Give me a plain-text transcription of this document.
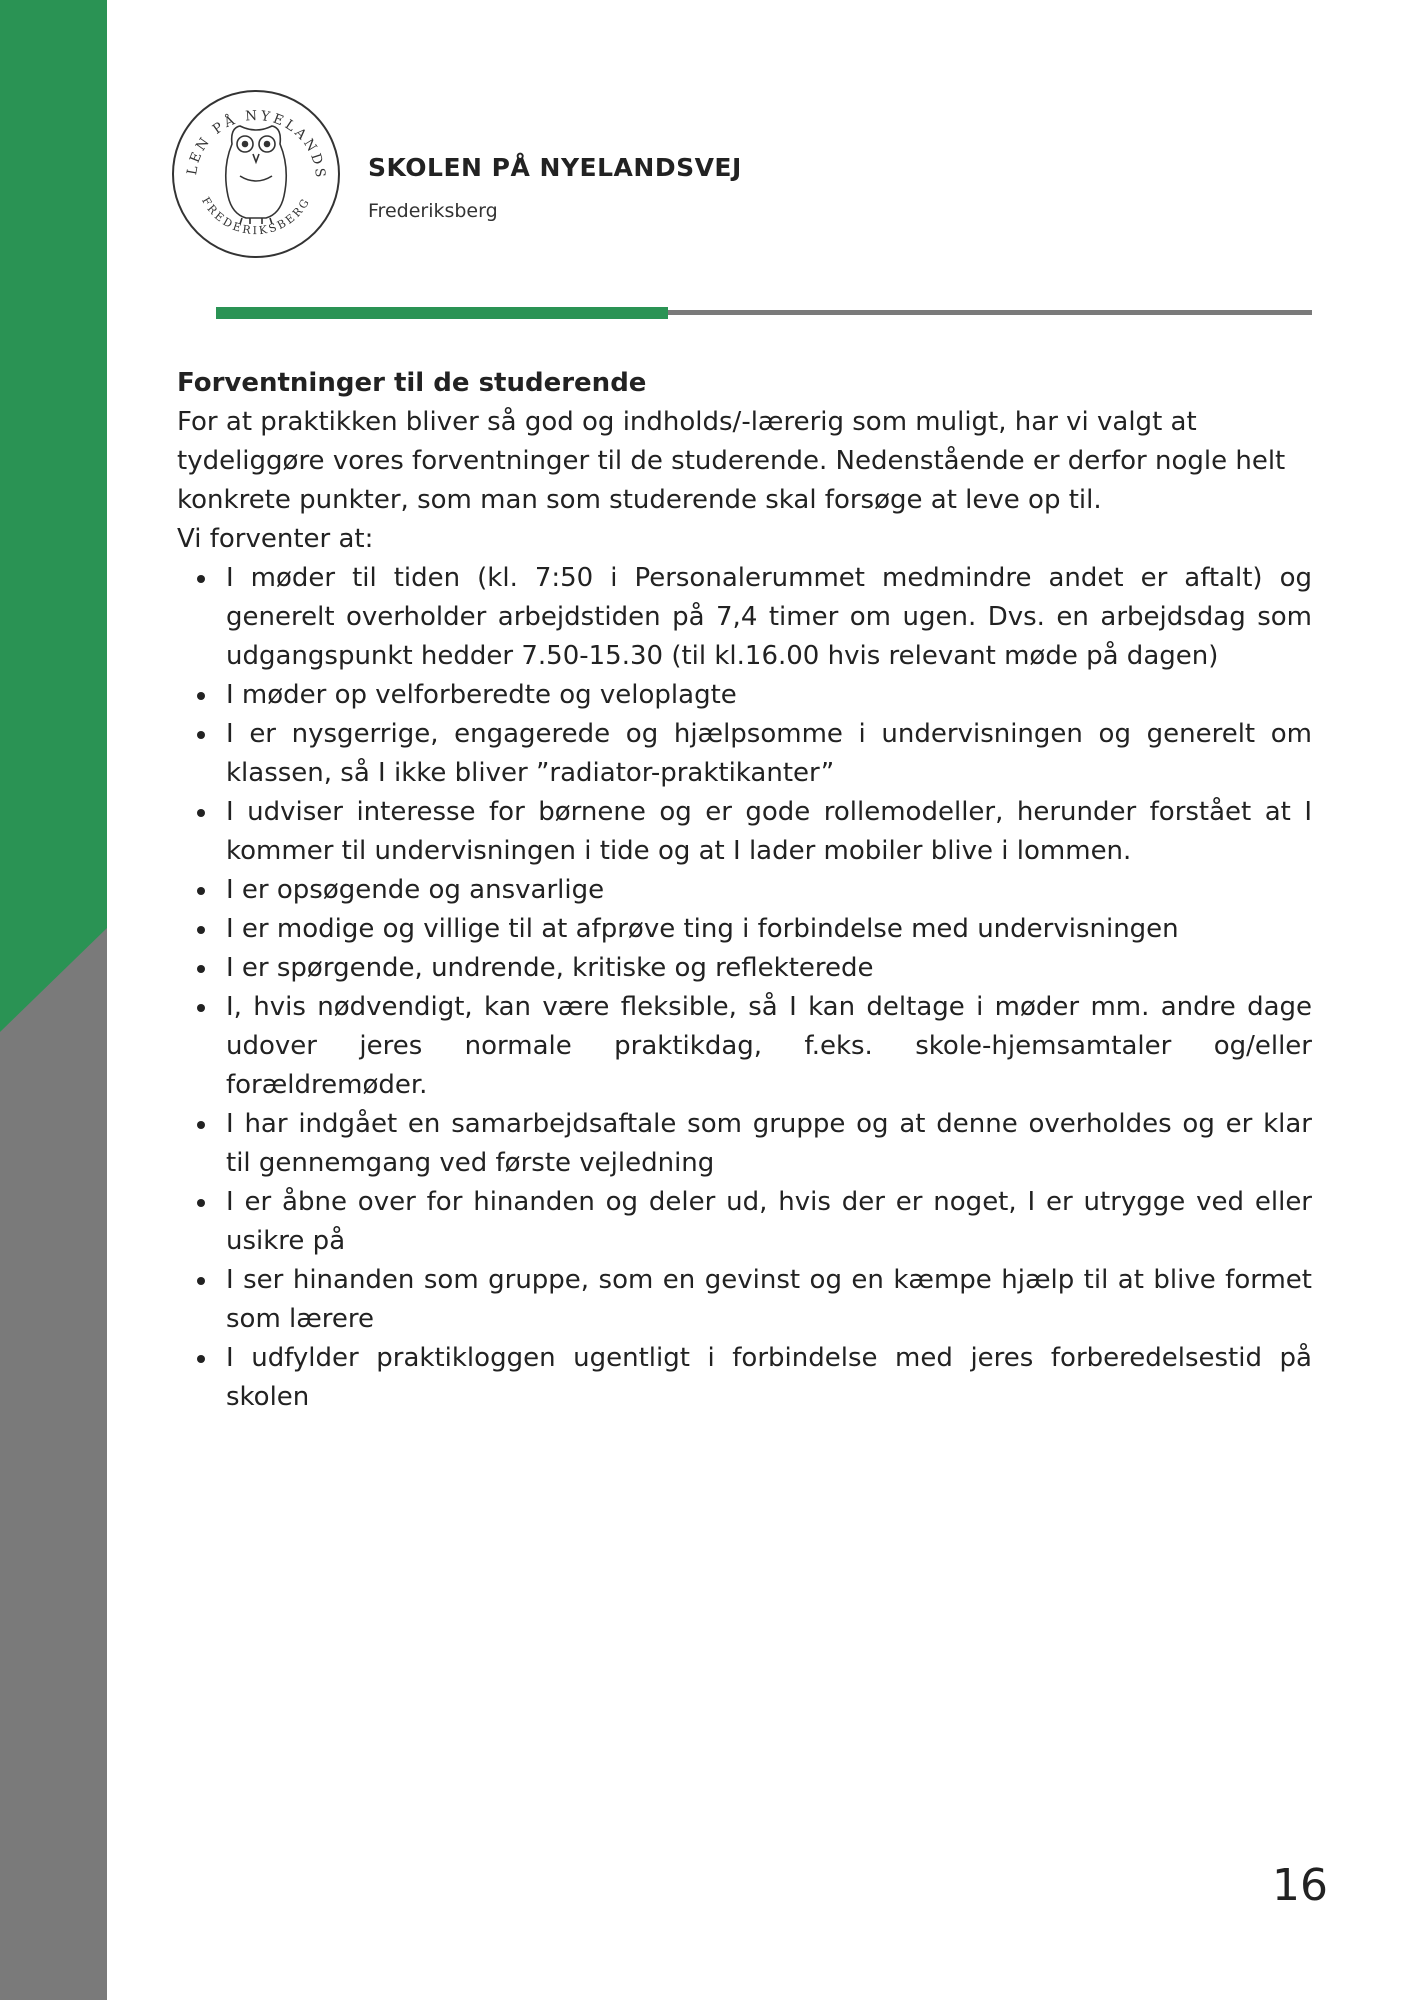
LEN PÅ NYELANDS
FREDERIKSBERG
SKOLEN PÅ NYELANDSVEJ
Frederiksberg

Forventninger til de studerende

For at praktikken bliver så god og indholds/-lærerig som muligt, har vi valgt at tydeliggøre vores forventninger til de studerende. Nedenstående er derfor nogle helt konkrete punkter, som man som studerende skal forsøge at leve op til.

Vi forventer at:

I møder til tiden (kl. 7:50 i Personalerummet medmindre andet er aftalt) og generelt overholder arbejdstiden på 7,4 timer om ugen. Dvs. en arbejdsdag som udgangspunkt hedder 7.50-15.30 (til kl.16.00 hvis relevant møde på dagen)
I møder op velforberedte og veloplagte
I er nysgerrige, engagerede og hjælpsomme i undervisningen og generelt om klassen, så I ikke bliver ”radiator-praktikanter”
I udviser interesse for børnene og er gode rollemodeller, herunder forstået at I kommer til undervisningen i tide og at I lader mobiler blive i lommen.
I er opsøgende og ansvarlige
I er modige og villige til at afprøve ting i forbindelse med undervisningen
I er spørgende, undrende, kritiske og reflekterede
I, hvis nødvendigt, kan være fleksible, så I kan deltage i møder mm. andre dage udover jeres normale praktikdag, f.eks. skole-hjemsamtaler og/eller forældremøder.
I har indgået en samarbejdsaftale som gruppe og at denne overholdes og er klar til gennemgang ved første vejledning
I er åbne over for hinanden og deler ud, hvis der er noget, I er utrygge ved eller usikre på
I ser hinanden som gruppe, som en gevinst og en kæmpe hjælp til at blive formet som lærere
I udfylder praktikloggen ugentligt i forbindelse med jeres forberedelsestid på skolen
16
